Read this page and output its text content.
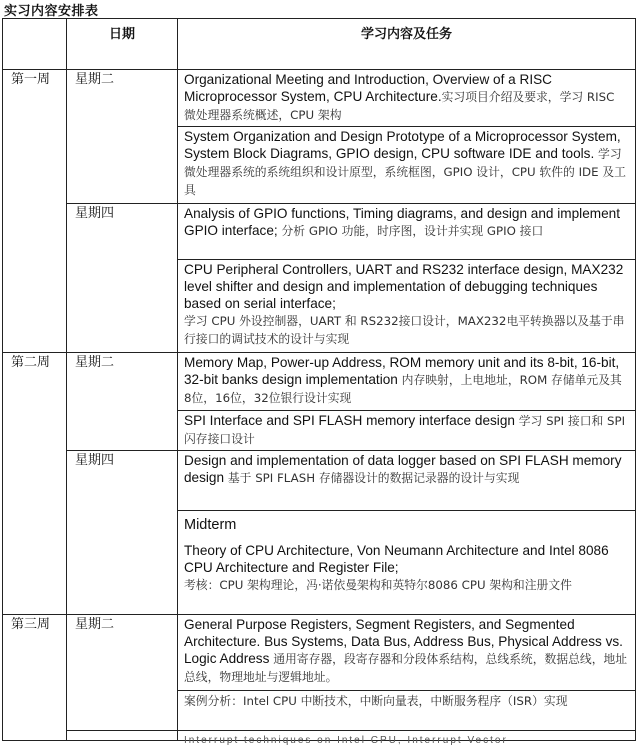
实习内容安排表
	日期	学习内容及任务
第一周	星期二	Organizational Meeting and Introduction, Overview of a RISC Microprocessor System, CPU Architecture.实习项目介绍及要求，学习 RISC 微处理器系统概述，CPU 架构
		System Organization and Design Prototype of a Microprocessor System, System Block Diagrams, GPIO design, CPU software IDE and tools. 学习微处理器系统的系统组织和设计原型，系统框图，GPIO 设计，CPU 软件的 IDE 及工具
	星期四	Analysis of GPIO functions, Timing diagrams, and design and implement GPIO interface; 分析 GPIO 功能，时序图，设计并实现 GPIO 接口
		CPU Peripheral Controllers, UART and RS232 interface design, MAX232 level shifter and design and implementation of debugging techniques based on serial interface;
学习 CPU 外设控制器，UART 和 RS232接口设计，MAX232电平转换器以及基于串行接口的调试技术的设计与实现
第二周	星期二	Memory Map, Power-up Address, ROM memory unit and its 8-bit, 16-bit, 32-bit banks design implementation 内存映射，上电地址，ROM 存储单元及其8位，16位，32位银行设计实现
		SPI Interface and SPI FLASH memory interface design 学习 SPI 接口和 SPI 闪存接口设计
	星期四	Design and implementation of data logger based on SPI FLASH memory design 基于 SPI FLASH 存储器设计的数据记录器的设计与实现

		Midterm
Theory of CPU Architecture, Von Neumann Architecture and Intel 8086 CPU Architecture and Register File;
考核：CPU 架构理论，冯·诺依曼架构和英特尔8086 CPU 架构和注册文件
第三周	星期二	General Purpose Registers, Segment Registers, and Segmented Architecture. Bus Systems, Data Bus, Address Bus, Physical Address vs. Logic Address 通用寄存器，段寄存器和分段体系结构，总线系统，数据总线，地址总线，物理地址与逻辑地址。
		案例分析：Intel CPU 中断技术，中断向量表，中断服务程序（ISR）实现

		Interrupt techniques on Intel CPU, Interrupt Vector
